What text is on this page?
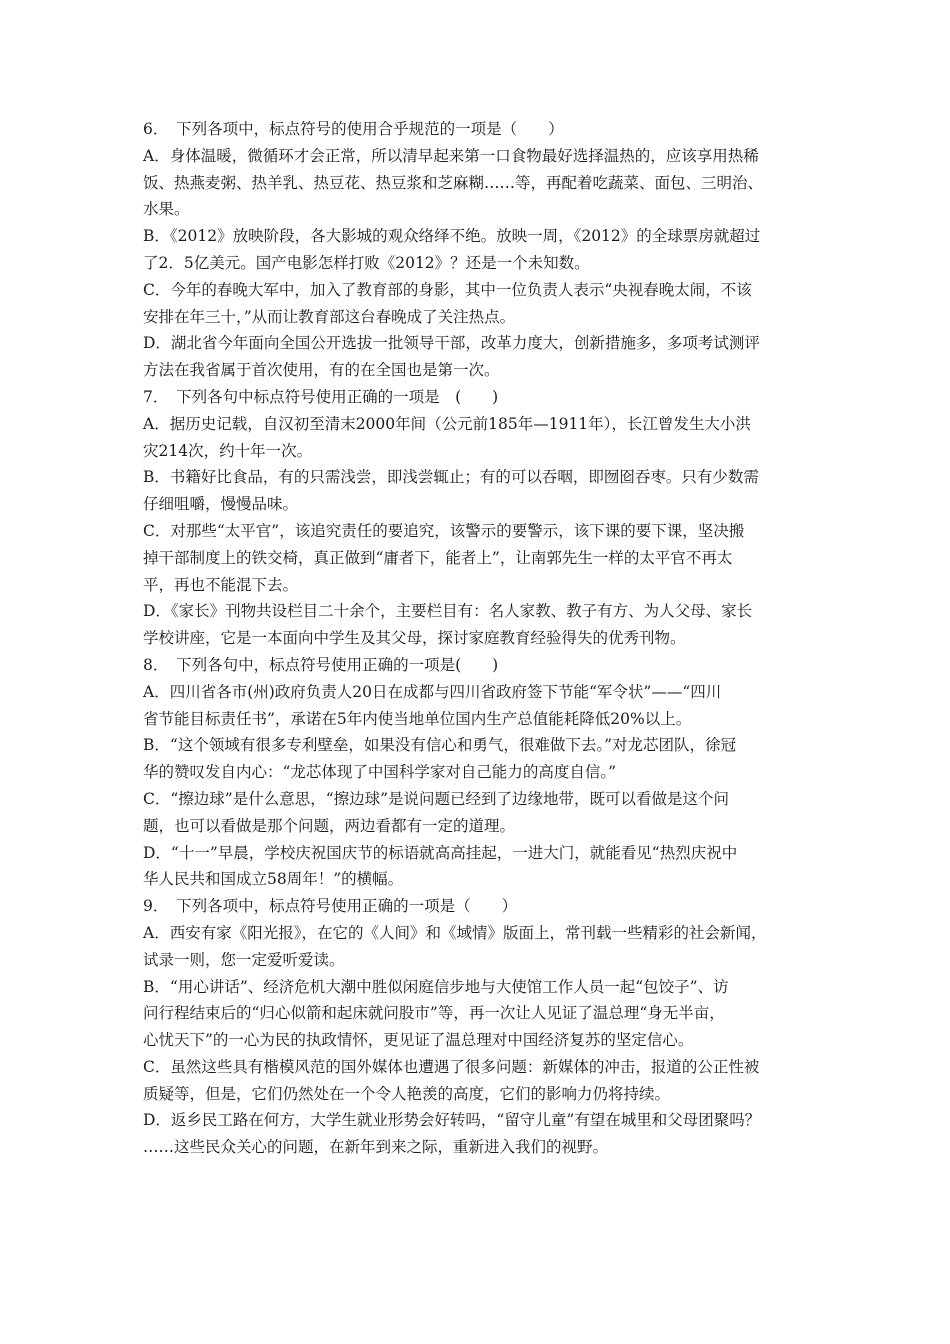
6．　下列各项中，标点符号的使用合乎规范的一项是（　　）

A．身体温暖，微循环才会正常，所以清早起来第一口食物最好选择温热的，应该享用热稀
饭、热燕麦粥、热羊乳、热豆花、热豆浆和芝麻糊……等，再配着吃蔬菜、面包、三明治、
水果。
B．《2012》放映阶段，各大影城的观众络绎不绝。放映一周，《2012》的全球票房就超过
了2．5亿美元。国产电影怎样打败《2012》？还是一个未知数。
C．今年的春晚大军中，加入了教育部的身影，其中一位负责人表示“央视春晚太闹，不该
安排在年三十，”从而让教育部这台春晚成了关注热点。
D．湖北省今年面向全国公开选拔一批领导干部，改革力度大，创新措施多，多项考试测评
方法在我省属于首次使用，有的在全国也是第一次。

7．　下列各句中标点符号使用正确的一项是　(　　)

A．据历史记载，自汉初至清末2000年间（公元前185年—1911年），长江曾发生大小洪
灾214次，约十年一次。
B．书籍好比食品，有的只需浅尝，即浅尝辄止；有的可以吞咽，即囫囵吞枣。只有少数需
仔细咀嚼，慢慢品味。
C．对那些“太平官”，该追究责任的要追究，该警示的要警示，该下课的要下课，坚决搬
掉干部制度上的铁交椅，真正做到“庸者下，能者上”，让南郭先生一样的太平官不再太
平，再也不能混下去。
D．《家长》刊物共设栏目二十余个，主要栏目有：名人家教、教子有方、为人父母、家长
学校讲座，它是一本面向中学生及其父母，探讨家庭教育经验得失的优秀刊物。

8．　下列各句中，标点符号使用正确的一项是(　　)

A．四川省各市(州)政府负责人20日在成都与四川省政府签下节能“军令状”——“四川
省节能目标责任书”，承诺在5年内使当地单位国内生产总值能耗降低20%以上。
B．“这个领域有很多专利壁垒，如果没有信心和勇气，很难做下去。”对龙芯团队，徐冠
华的赞叹发自内心：“龙芯体现了中国科学家对自己能力的高度自信。”
C．“擦边球”是什么意思，“擦边球”是说问题已经到了边缘地带，既可以看做是这个问
题，也可以看做是那个问题，两边看都有一定的道理。
D．“十一”早晨，学校庆祝国庆节的标语就高高挂起，一进大门，就能看见“热烈庆祝中
华人民共和国成立58周年！”的横幅。

9．　下列各项中，标点符号使用正确的一项是（　　）

A．西安有家《阳光报》，在它的《人间》和《域情》版面上，常刊载一些精彩的社会新闻，
试录一则，您一定爱听爱读。
B．“用心讲话”、经济危机大潮中胜似闲庭信步地与大使馆工作人员一起“包饺子”、访
问行程结束后的“归心似箭和起床就问股市”等，再一次让人见证了温总理“身无半亩，
心忧天下”的一心为民的执政情怀，更见证了温总理对中国经济复苏的坚定信心。
C．虽然这些具有楷模风范的国外媒体也遭遇了很多问题：新媒体的冲击，报道的公正性被
质疑等，但是，它们仍然处在一个令人艳羡的高度，它们的影响力仍将持续。
D．返乡民工路在何方，大学生就业形势会好转吗，“留守儿童”有望在城里和父母团聚吗？
……这些民众关心的问题，在新年到来之际，重新进入我们的视野。
